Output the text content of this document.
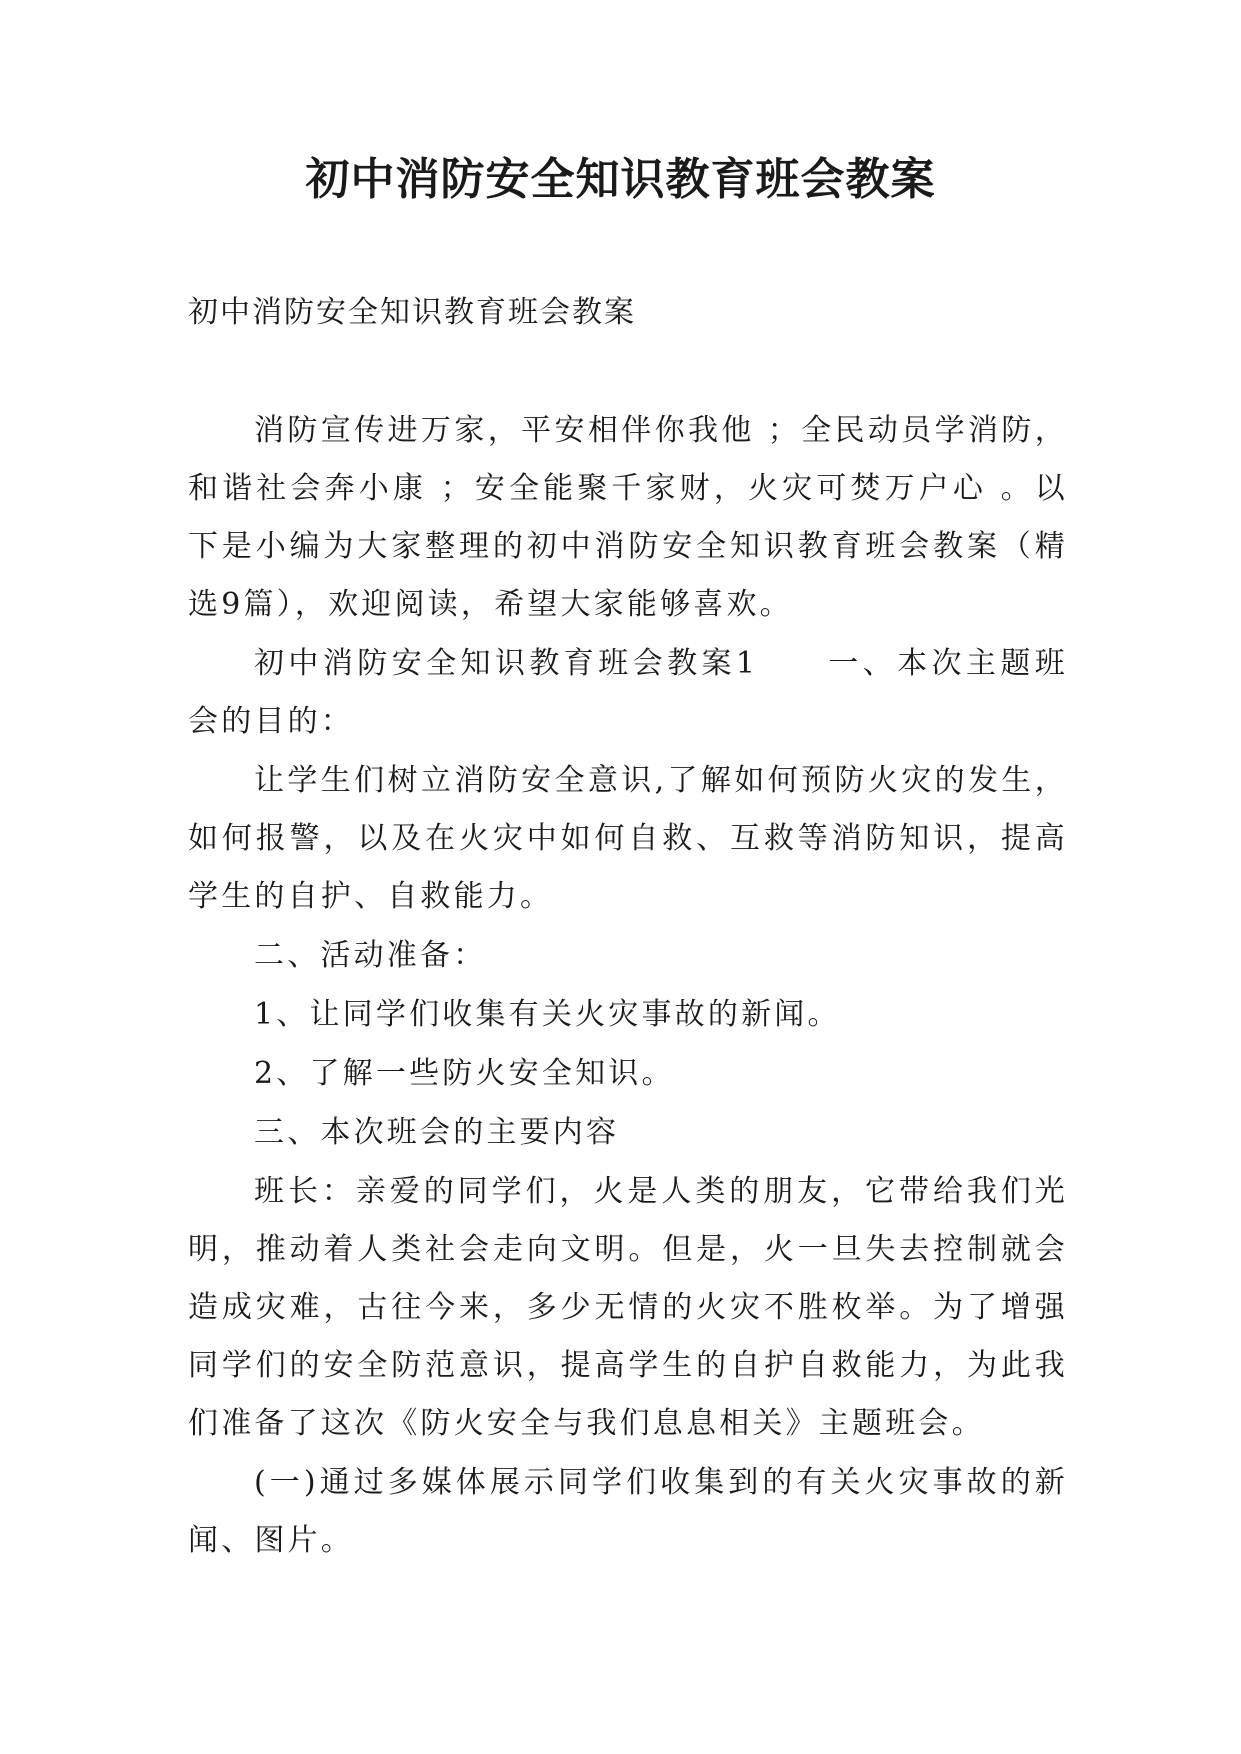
初中消防安全知识教育班会教案
初中消防安全知识教育班会教案

消防宣传进万家，平安相伴你我他 ；全民动员学消防，和谐社会奔小康 ；安全能聚千家财，火灾可焚万户心 。以下是小编为大家整理的初中消防安全知识教育班会教案（精选9篇），欢迎阅读，希望大家能够喜欢。

初中消防安全知识教育班会教案1　　一、本次主题班会的目的：

让学生们树立消防安全意识,了解如何预防火灾的发生，如何报警，以及在火灾中如何自救、互救等消防知识，提高学生的自护、自救能力。

二、活动准备：

1、让同学们收集有关火灾事故的新闻。

2、了解一些防火安全知识。

三、本次班会的主要内容

班长：亲爱的同学们，火是人类的朋友，它带给我们光明，推动着人类社会走向文明。但是，火一旦失去控制就会造成灾难，古往今来，多少无情的火灾不胜枚举。为了增强同学们的安全防范意识，提高学生的自护自救能力，为此我们准备了这次《防火安全与我们息息相关》主题班会。

(一)通过多媒体展示同学们收集到的有关火灾事故的新闻、图片。
